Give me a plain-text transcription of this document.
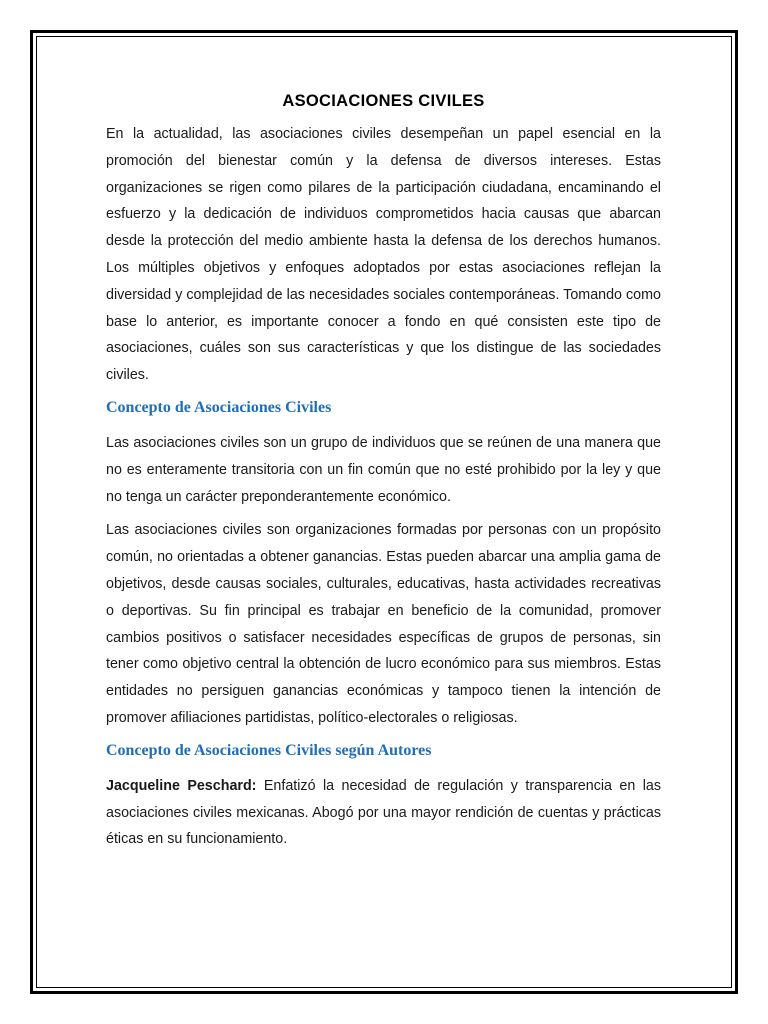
ASOCIACIONES CIVILES

En la actualidad, las asociaciones civiles desempeñan un papel esencial en la promoción del bienestar común y la defensa de diversos intereses. Estas organizaciones se rigen como pilares de la participación ciudadana, encaminando el esfuerzo y la dedicación de individuos comprometidos hacia causas que abarcan desde la protección del medio ambiente hasta la defensa de los derechos humanos. Los múltiples objetivos y enfoques adoptados por estas asociaciones reflejan la diversidad y complejidad de las necesidades sociales contemporáneas. Tomando como base lo anterior, es importante conocer a fondo en qué consisten este tipo de asociaciones, cuáles son sus características y que los distingue de las sociedades civiles.

Concepto de Asociaciones Civiles

Las asociaciones civiles son un grupo de individuos que se reúnen de una manera que no es enteramente transitoria con un fin común que no esté prohibido por la ley y que no tenga un carácter preponderantemente económico.

Las asociaciones civiles son organizaciones formadas por personas con un propósito común, no orientadas a obtener ganancias. Estas pueden abarcar una amplia gama de objetivos, desde causas sociales, culturales, educativas, hasta actividades recreativas o deportivas. Su fin principal es trabajar en beneficio de la comunidad, promover cambios positivos o satisfacer necesidades específicas de grupos de personas, sin tener como objetivo central la obtención de lucro económico para sus miembros. Estas entidades no persiguen ganancias económicas y tampoco tienen la intención de promover afiliaciones partidistas, político-electorales o religiosas.

Concepto de Asociaciones Civiles según Autores

Jacqueline Peschard: Enfatizó la necesidad de regulación y transparencia en las asociaciones civiles mexicanas. Abogó por una mayor rendición de cuentas y prácticas éticas en su funcionamiento.
